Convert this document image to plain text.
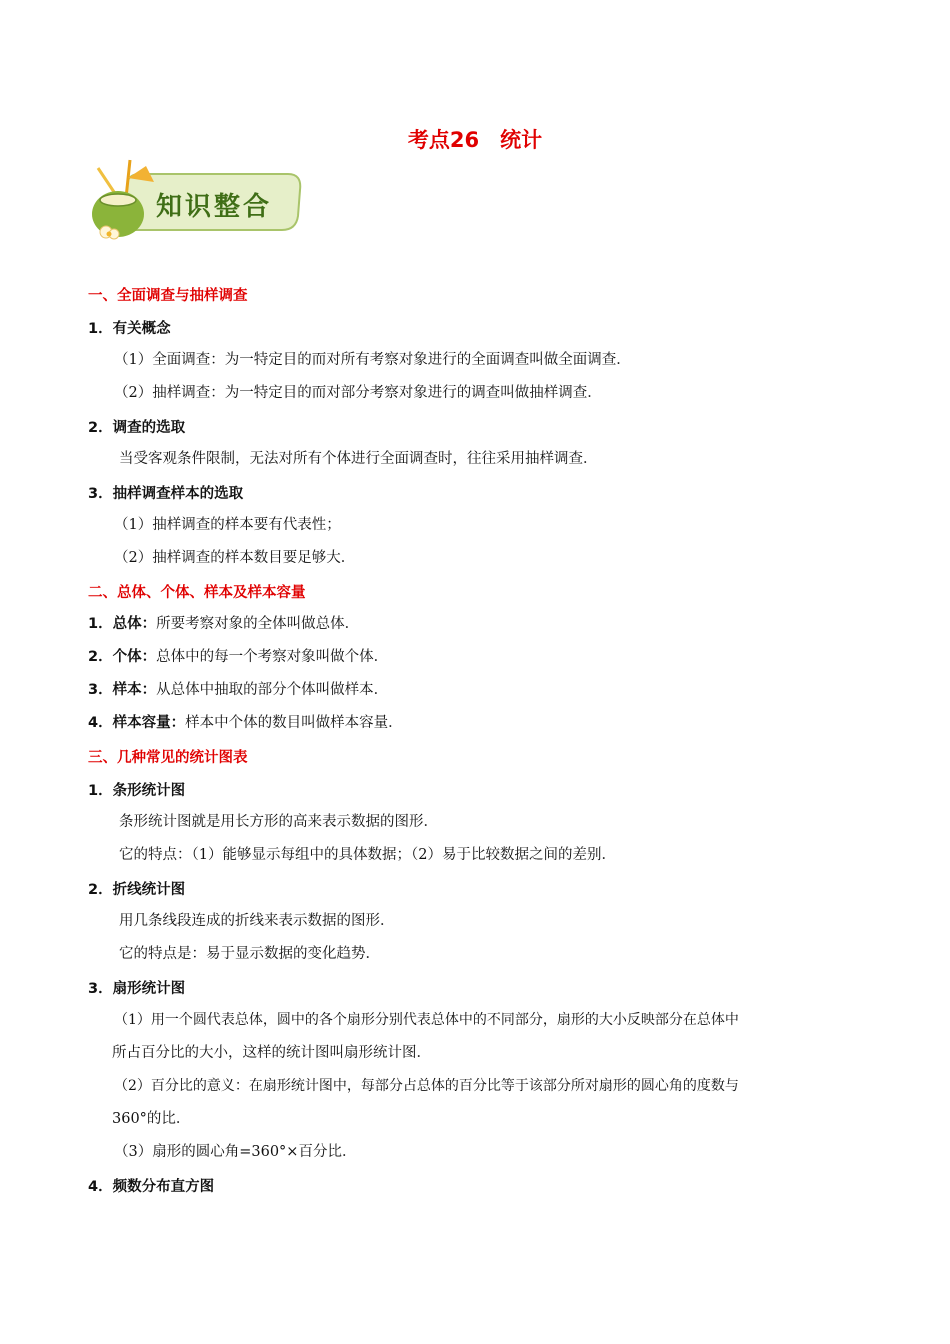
考点26　统计
知识整合
一、全面调查与抽样调查
1．有关概念
（1）全面调查：为一特定目的而对所有考察对象进行的全面调查叫做全面调查．
（2）抽样调查：为一特定目的而对部分考察对象进行的调查叫做抽样调查．
2．调查的选取
当受客观条件限制，无法对所有个体进行全面调查时，往往采用抽样调查．
3．抽样调查样本的选取
（1）抽样调查的样本要有代表性；
（2）抽样调查的样本数目要足够大．
二、总体、个体、样本及样本容量
1．总体：所要考察对象的全体叫做总体．
2．个体：总体中的每一个考察对象叫做个体．
3．样本：从总体中抽取的部分个体叫做样本．
4．样本容量：样本中个体的数目叫做样本容量．
三、几种常见的统计图表
1．条形统计图
条形统计图就是用长方形的高来表示数据的图形．
它的特点：（1）能够显示每组中的具体数据；（2）易于比较数据之间的差别．
2．折线统计图
用几条线段连成的折线来表示数据的图形．
它的特点是：易于显示数据的变化趋势．
3．扇形统计图
（1）用一个圆代表总体，圆中的各个扇形分别代表总体中的不同部分，扇形的大小反映部分在总体中
所占百分比的大小，这样的统计图叫扇形统计图．
（2）百分比的意义：在扇形统计图中，每部分占总体的百分比等于该部分所对扇形的圆心角的度数与
360°的比．
（3）扇形的圆心角=360°×百分比．
4．频数分布直方图
